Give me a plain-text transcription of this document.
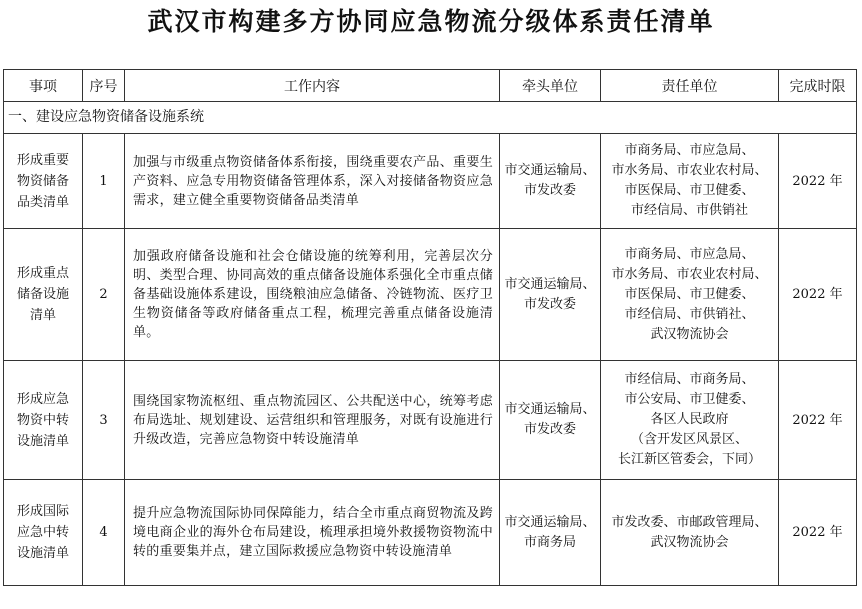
武汉市构建多方协同应急物流分级体系责任清单
事项	序号	工作内容	牵头单位	责任单位	完成时限
一、建设应急物资储备设施系统					

形成重要
物资储备
品类清单	1	加强与市级重点物资储备体系衔接，围绕重要农产品、重要生产资料、应急专用物资储备管理体系，深入对接储备物资应急需求，建立健全重要物资储备品类清单	市交通运输局、
市发改委	市商务局、市应急局、
市水务局、市农业农村局、
市医保局、市卫健委、
市经信局、市供销社	2022 年

形成重点
储备设施
清单	2	加强政府储备设施和社会仓储设施的统筹利用，完善层次分明、类型合理、协同高效的重点储备设施体系强化全市重点储备基础设施体系建设，围绕粮油应急储备、冷链物流、医疗卫生物资储备等政府储备重点工程，梳理完善重点储备设施清单。	市交通运输局、
市发改委	市商务局、市应急局、
市水务局、市农业农村局、
市医保局、市卫健委、
市经信局、市供销社、
武汉物流协会	2022 年

形成应急
物资中转
设施清单	3	围绕国家物流枢纽、重点物流园区、公共配送中心，统筹考虑布局选址、规划建设、运营组织和管理服务，对既有设施进行升级改造，完善应急物资中转设施清单	市交通运输局、
市发改委	市经信局、市商务局、
市公安局、市卫健委、
各区人民政府
（含开发区风景区、
长江新区管委会，下同）	2022 年

形成国际
应急中转
设施清单	4	提升应急物流国际协同保障能力，结合全市重点商贸物流及跨境电商企业的海外仓布局建设，梳理承担境外救援物资物流中转的重要集并点，建立国际救援应急物资中转设施清单	市交通运输局、
市商务局	市发改委、市邮政管理局、
武汉物流协会	2022 年
